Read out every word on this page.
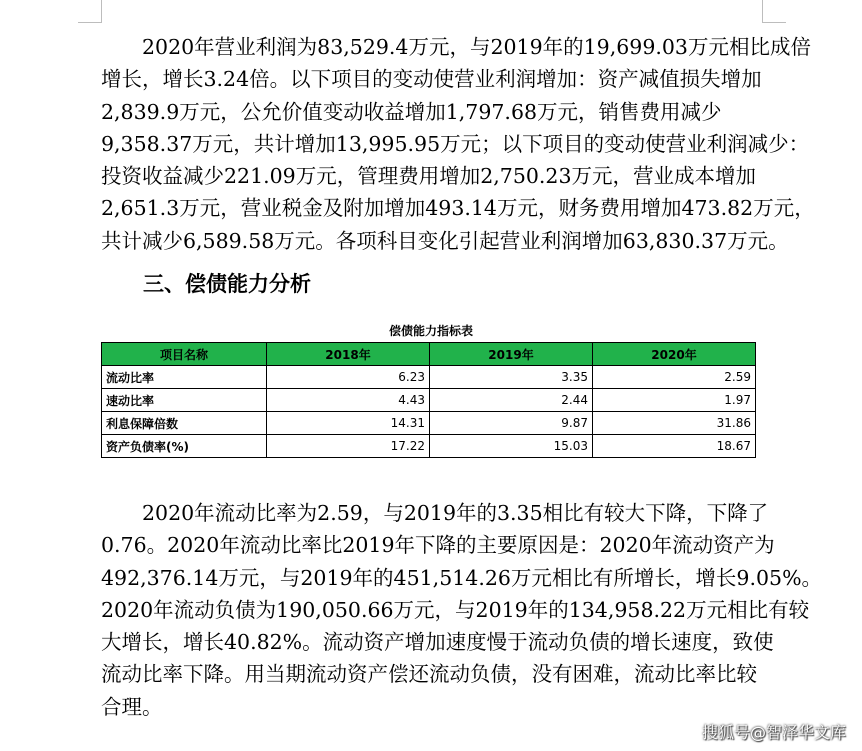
2020年营业利润为83,529.4万元，与2019年的19,699.03万元相比成倍
增长，增长3.24倍。以下项目的变动使营业利润增加：资产减值损失增加
2,839.9万元，公允价值变动收益增加1,797.68万元，销售费用减少
9,358.37万元，共计增加13,995.95万元；以下项目的变动使营业利润减少：
投资收益减少221.09万元，管理费用增加2,750.23万元，营业成本增加
2,651.3万元，营业税金及附加增加493.14万元，财务费用增加473.82万元，
共计减少6,589.58万元。各项科目变化引起营业利润增加63,830.37万元。
三、偿债能力分析
偿债能力指标表
项目名称	2018年	2019年	2020年
流动比率	6.23	3.35	2.59
速动比率	4.43	2.44	1.97
利息保障倍数	14.31	9.87	31.86
资产负债率(%)	17.22	15.03	18.67
2020年流动比率为2.59，与2019年的3.35相比有较大下降，下降了
0.76。2020年流动比率比2019年下降的主要原因是：2020年流动资产为
492,376.14万元，与2019年的451,514.26万元相比有所增长，增长9.05%。
2020年流动负债为190,050.66万元，与2019年的134,958.22万元相比有较
大增长，增长40.82%。流动资产增加速度慢于流动负债的增长速度，致使
流动比率下降。用当期流动资产偿还流动负债，没有困难，流动比率比较
合理。
搜狐号@智泽华文库
